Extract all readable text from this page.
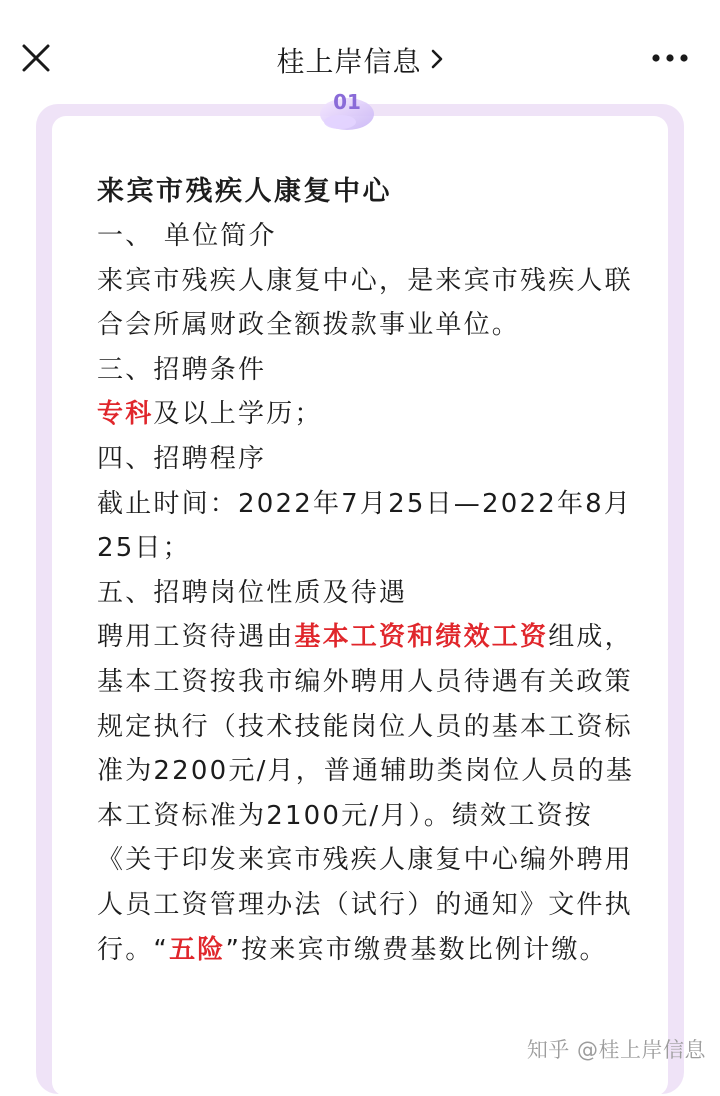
桂上岸信息
01

来宾市残疾人康复中心

一、 单位简介

来宾市残疾人康复中心，是来宾市残疾人联合会所属财政全额拨款事业单位。

三、招聘条件

专科及以上学历；

四、招聘程序

截止时间：2022年7月25日—2022年8月25日；

五、招聘岗位性质及待遇

聘用工资待遇由基本工资和绩效工资组成，基本工资按我市编外聘用人员待遇有关政策规定执行（技术技能岗位人员的基本工资标准为2200元/月，普通辅助类岗位人员的基本工资标准为2100元/月）。绩效工资按《关于印发来宾市残疾人康复中心编外聘用人员工资管理办法（试行）的通知》文件执行。“五险”按来宾市缴费基数比例计缴。

知乎 @桂上岸信息
